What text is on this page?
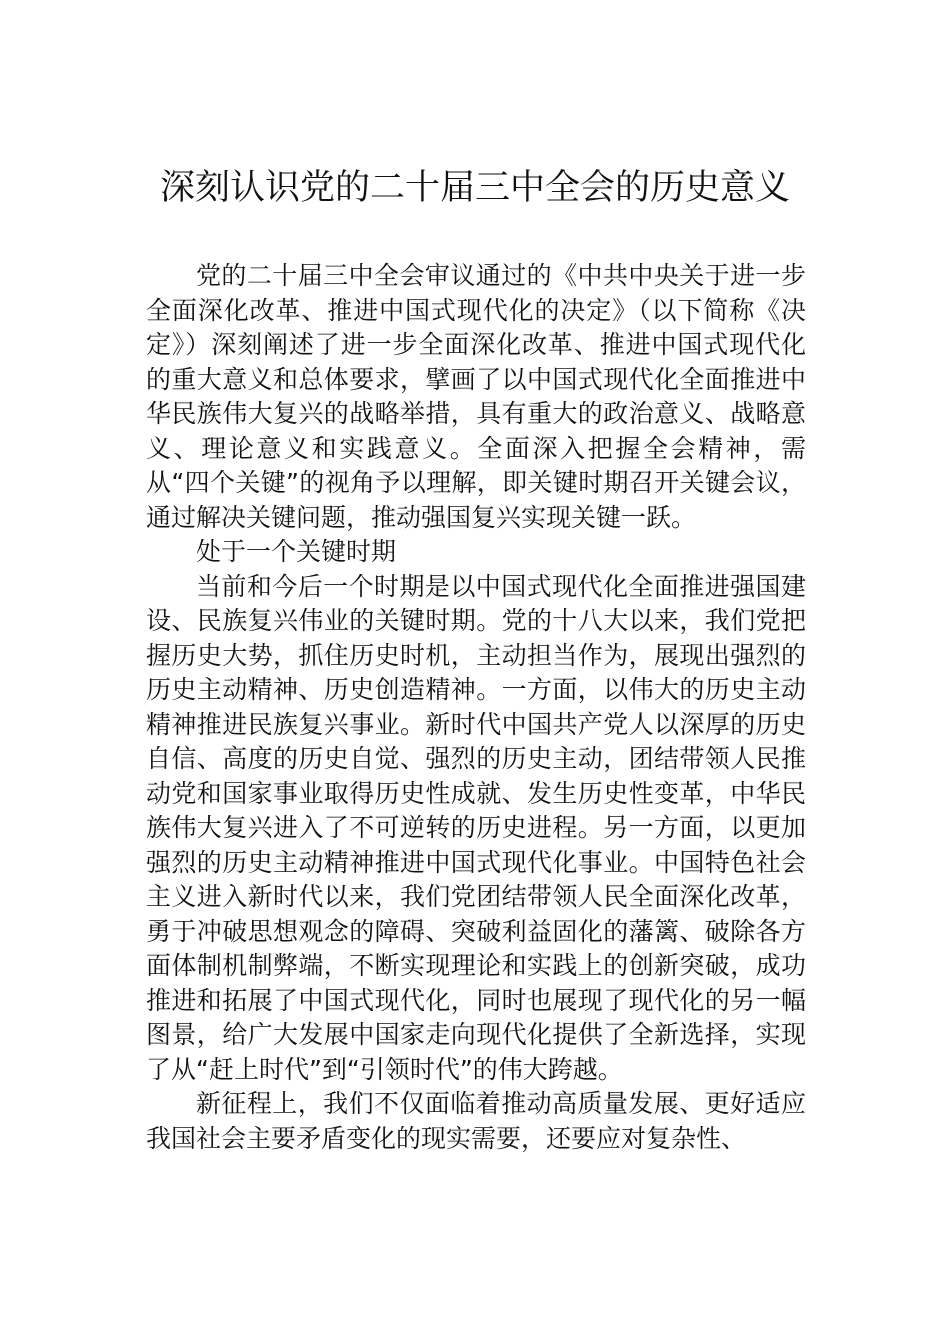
深刻认识党的二十届三中全会的历史意义

党的二十届三中全会审议通过的《中共中央关于进一步全面深化改革、推进中国式现代化的决定》（以下简称《决定》）深刻阐述了进一步全面深化改革、推进中国式现代化的重大意义和总体要求，擘画了以中国式现代化全面推进中华民族伟大复兴的战略举措，具有重大的政治意义、战略意义、理论意义和实践意义。全面深入把握全会精神，需从“四个关键”的视角予以理解，即关键时期召开关键会议，通过解决关键问题，推动强国复兴实现关键一跃。

处于一个关键时期

当前和今后一个时期是以中国式现代化全面推进强国建设、民族复兴伟业的关键时期。党的十八大以来，我们党把握历史大势，抓住历史时机，主动担当作为，展现出强烈的历史主动精神、历史创造精神。一方面，以伟大的历史主动精神推进民族复兴事业。新时代中国共产党人以深厚的历史自信、高度的历史自觉、强烈的历史主动，团结带领人民推动党和国家事业取得历史性成就、发生历史性变革，中华民族伟大复兴进入了不可逆转的历史进程。另一方面，以更加强烈的历史主动精神推进中国式现代化事业。中国特色社会主义进入新时代以来，我们党团结带领人民全面深化改革，勇于冲破思想观念的障碍、突破利益固化的藩篱、破除各方面体制机制弊端，不断实现理论和实践上的创新突破，成功推进和拓展了中国式现代化，同时也展现了现代化的另一幅图景，给广大发展中国家走向现代化提供了全新选择，实现了从“赶上时代”到“引领时代”的伟大跨越。

新征程上，我们不仅面临着推动高质量发展、更好适应我国社会主要矛盾变化的现实需要，还要应对复杂性、
